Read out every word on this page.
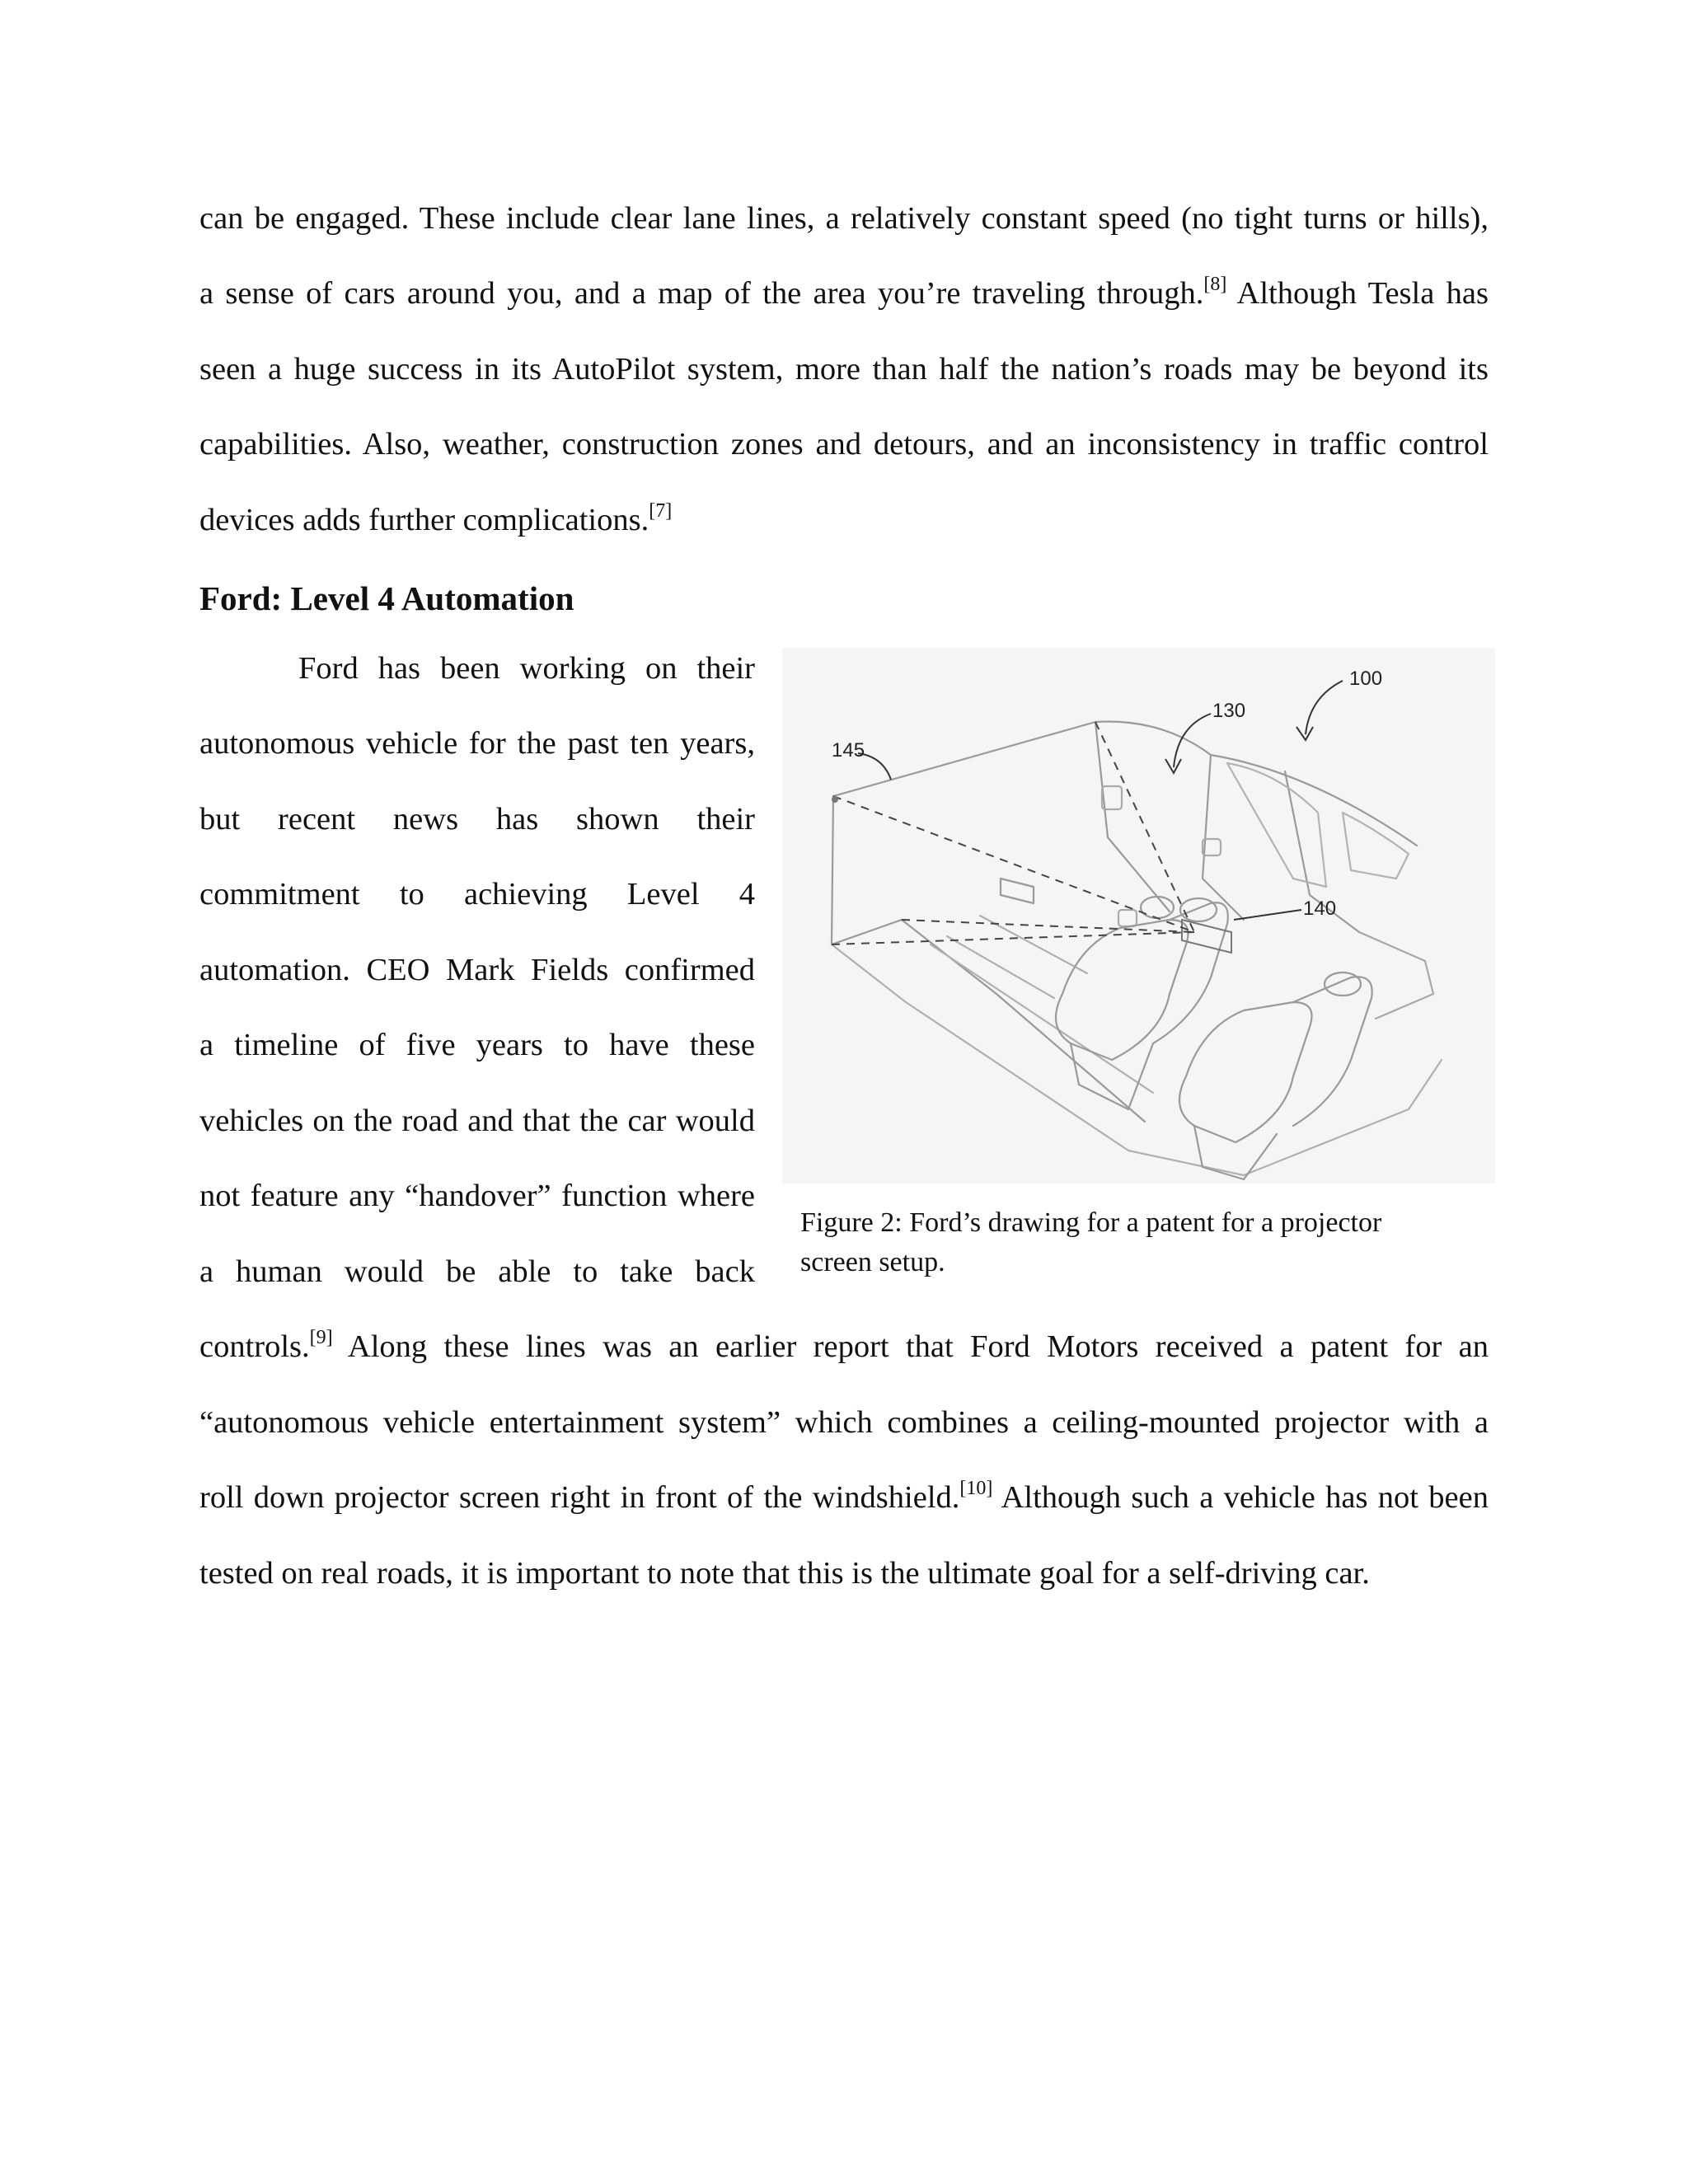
can be engaged. These include clear lane lines, a relatively constant speed (no tight turns or hills),
a sense of cars around you, and a map of the area you’re traveling through.[8] Although Tesla has
seen a huge success in its AutoPilot system, more than half the nation’s roads may be beyond its
capabilities. Also, weather, construction zones and detours, and an inconsistency in traffic control
devices adds further complications.[7]
Ford: Level 4 Automation
Ford has been working on their
autonomous vehicle for the past ten years,
but recent news has shown their
commitment to achieving Level 4
automation. CEO Mark Fields confirmed
a timeline of five years to have these
vehicles on the road and that the car would
not feature any “handover” function where
a human would be able to take back
controls.[9] Along these lines was an earlier report that Ford Motors received a patent for an
“autonomous vehicle entertainment system” which combines a ceiling-mounted projector with a
roll down projector screen right in front of the windshield.[10] Although such a vehicle has not been
tested on real roads, it is important to note that this is the ultimate goal for a self-driving car.
100
130
145
140
Figure 2: Ford’s drawing for a patent for a projector screen setup.
